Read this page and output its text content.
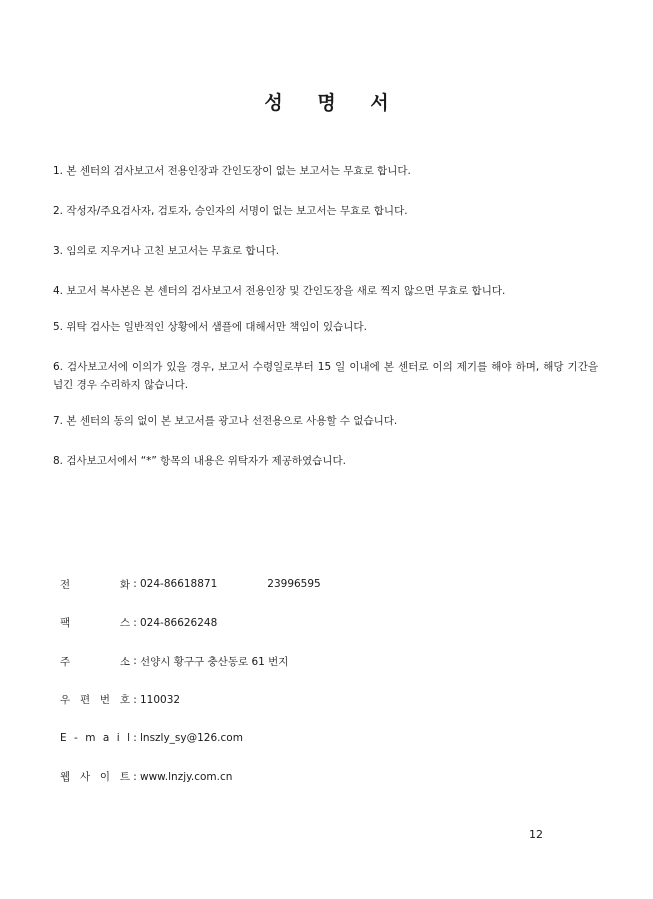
성 명 서

1. 본 센터의 검사보고서 전용인장과 간인도장이 없는 보고서는 무효로 합니다.

2. 작성자/주요검사자, 검토자, 승인자의 서명이 없는 보고서는 무효로 합니다.

3. 임의로 지우거나 고친 보고서는 무효로 합니다.

4. 보고서 복사본은 본 센터의 검사보고서 전용인장 및 간인도장을 새로 찍지 않으면 무효로 합니다.

5. 위탁 검사는 일반적인 상황에서 샘플에 대해서만 책임이 있습니다.

6. 검사보고서에 이의가 있을 경우, 보고서 수령일로부터 15 일 이내에 본 센터로 이의 제기를 해야 하며, 해당 기간을 넘긴 경우 수리하지 않습니다.

7. 본 센터의 동의 없이 본 보고서를 광고나 선전용으로 사용할 수 없습니다.

8. 검사보고서에서 “*” 항목의 내용은 위탁자가 제공하였습니다.

전	화 : 024-86618871	23996595
팩	스 : 024-86626248
주	소 : 선양시 황구구 충산동로 61 번지
우 편 번 호 : 110032
E - m a i l : lnszly_sy@126.com
웹 사 이 트 : www.lnzjy.com.cn
12
